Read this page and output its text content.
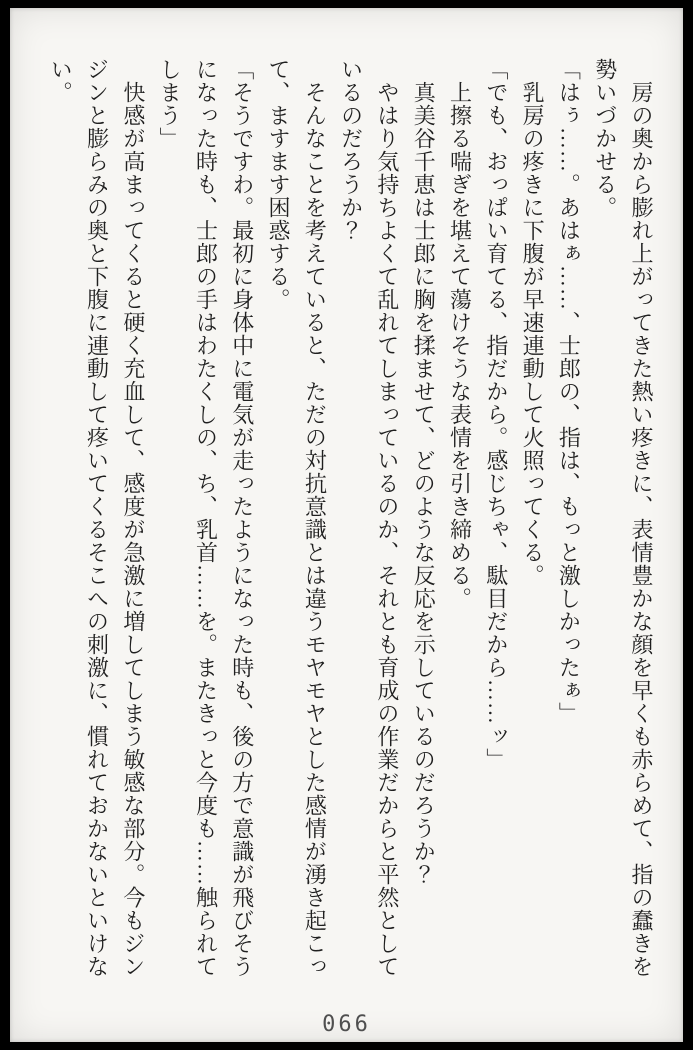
房の奥から膨れ上がってきた熱い疼きに、表情豊かな顔を早くも赤らめて、指の蠢きを
勢いづかせる。
「はぅ……。あはぁ……、士郎の、指は、もっと激しかったぁ」
乳房の疼きに下腹が早速連動して火照ってくる。
「でも、おっぱい育てる、指だから。感じちゃ、駄目だから……ッ」
上擦る喘ぎを堪えて蕩けそうな表情を引き締める。
真美谷千恵は士郎に胸を揉ませて、どのような反応を示しているのだろうか？
やはり気持ちよくて乱れてしまっているのか、それとも育成の作業だからと平然として
いるのだろうか？
そんなことを考えていると、ただの対抗意識とは違うモヤモヤとした感情が湧き起こっ
て、ますます困惑する。
「そうですわ。最初に身体中に電気が走ったようになった時も、後の方で意識が飛びそう
になった時も、士郎の手はわたくしの、ち、乳首……を。またきっと今度も……触られて
しまう」
快感が高まってくると硬く充血して、感度が急激に増してしまう敏感な部分。今もジン
ジンと膨らみの奥と下腹に連動して疼いてくるそこへの刺激に、慣れておかないといけな
い。
066
